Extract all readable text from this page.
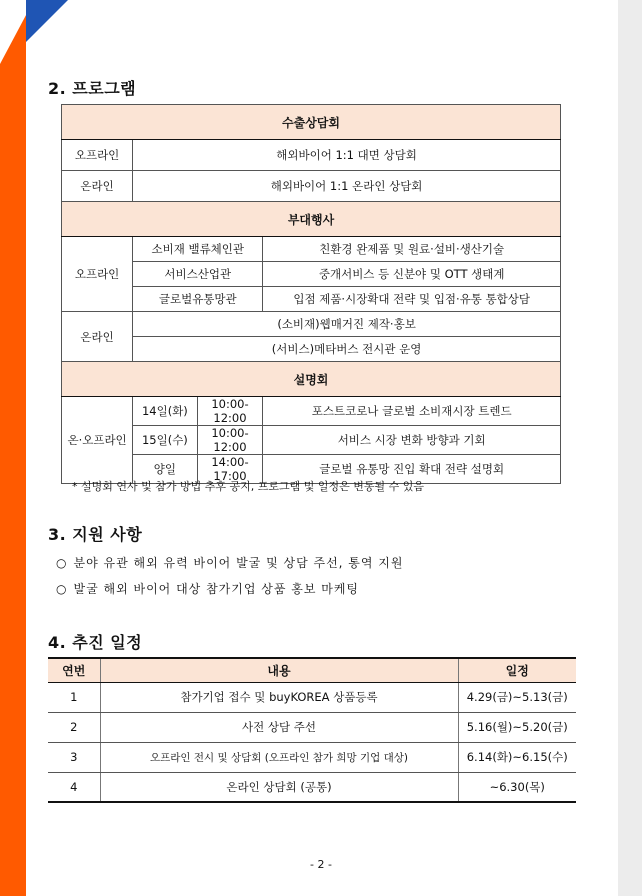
2. 프로그램
수출상담회			
오프라인	해외바이어 1:1 대면 상담회		
온라인	해외바이어 1:1 온라인 상담회		
부대행사			
오프라인	소비재 밸류체인관		친환경 완제품 및 원료·설비·생산기술
	서비스산업관		중개서비스 등 신분야 및 OTT 생태계
	글로벌유통망관		입점 제품·시장확대 전략 및 입점·유통 통합상담
온라인	(소비재)웹매거진 제작·홍보		
	(서비스)메타버스 전시관 운영		
설명회			
온·오프라인	14일(화)	10:00-12:00	포스트코로나 글로벌 소비재시장 트렌드
	15일(수)	10:00-12:00	서비스 시장 변화 방향과 기회
	양일	14:00-17:00	글로벌 유통망 진입 확대 전략 설명회
* 설명회 연사 및 참가 방법 추후 공지, 프로그램 및 일정은 변동될 수 있음
3. 지원 사항
○ 분야 유관 해외 유력 바이어 발굴 및 상담 주선, 통역 지원
○ 발굴 해외 바이어 대상 참가기업 상품 홍보 마케팅
4. 추진 일정
연번	내용	일정
1	참가기업 접수 및 buyKOREA 상품등록	4.29(금)~5.13(금)
2	사전 상담 주선	5.16(월)~5.20(금)
3	오프라인 전시 및 상담회 (오프라인 참가 희망 기업 대상)	6.14(화)~6.15(수)
4	온라인 상담회 (공통)	~6.30(목)
- 2 -
